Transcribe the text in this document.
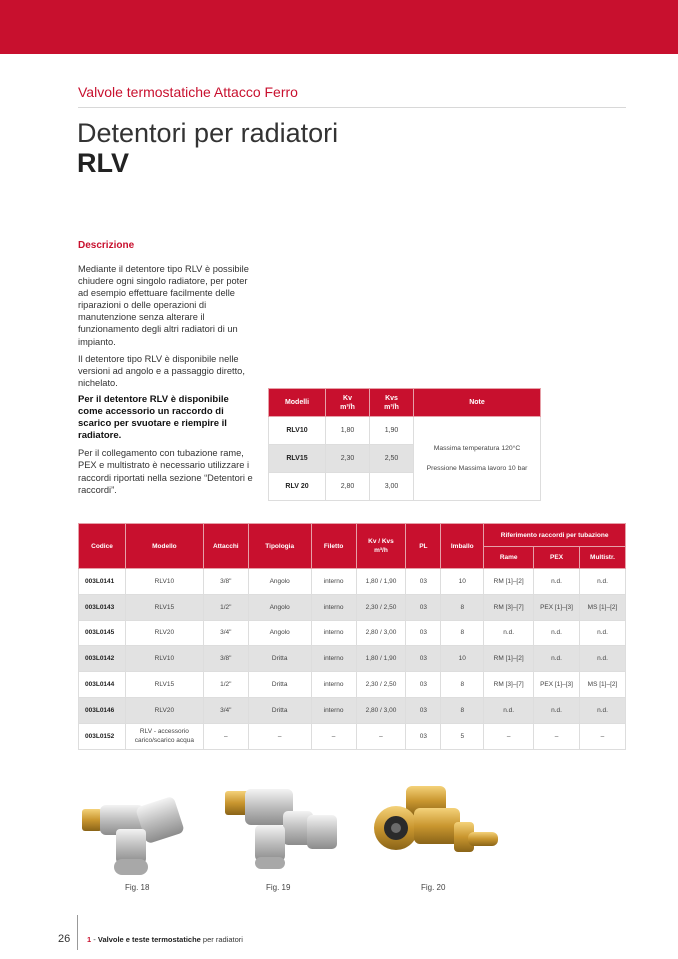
Valvole termostatiche Attacco Ferro
Detentori per radiatori
RLV
Descrizione

Mediante il detentore tipo RLV è possibile chiudere ogni singolo radiatore, per poter ad esempio effettuare facilmente delle riparazioni o delle operazioni di manutenzione senza alterare il funzionamento degli altri radiatori di un impianto.

Il detentore tipo RLV è disponibile nelle versioni ad angolo e a passaggio diretto, nichelato.

Per il detentore RLV è disponibile come accessorio un raccordo di scarico per svuotare e riempire il radiatore.

Per il collegamento con tubazione rame, PEX e multistrato è necessario utilizzare i raccordi riportati nella sezione “Detentori e raccordi”.

Modelli	Kv
m³/h	Kvs
m³/h	Note
RLV10	1,80	1,90	Massima temperatura 120°C
Pressione Massima lavoro 10 bar

RLV15	2,30	2,50	
RLV 20	2,80	3,00	
Codice	Modello	Attacchi	Tipologia	Filetto	Kv / Kvs
m³/h	PL	Imballo	Riferimento raccordi per tubazione		
								Rame	PEX	Multistr.
003L0141	RLV10	3/8"	Angolo	interno	1,80 / 1,90	03	10	RM [1]–[2]	n.d.	n.d.
003L0143	RLV15	1/2"	Angolo	interno	2,30 / 2,50	03	8	RM [3]–[7]	PEX [1]–[3]	MS [1]–[2]
003L0145	RLV20	3/4"	Angolo	interno	2,80 / 3,00	03	8	n.d.	n.d.	n.d.
003L0142	RLV10	3/8"	Dritta	interno	1,80 / 1,90	03	10	RM [1]–[2]	n.d.	n.d.
003L0144	RLV15	1/2"	Dritta	interno	2,30 / 2,50	03	8	RM [3]–[7]	PEX [1]–[3]	MS [1]–[2]
003L0146	RLV20	3/4"	Dritta	interno	2,80 / 3,00	03	8	n.d.	n.d.	n.d.
003L0152	RLV - accessorio
carico/scarico acqua	–	–	–	–	03	5	–	–	–
Fig. 18	Fig. 19	Fig. 20
26 1 - Valvole e teste termostatiche per radiatori
